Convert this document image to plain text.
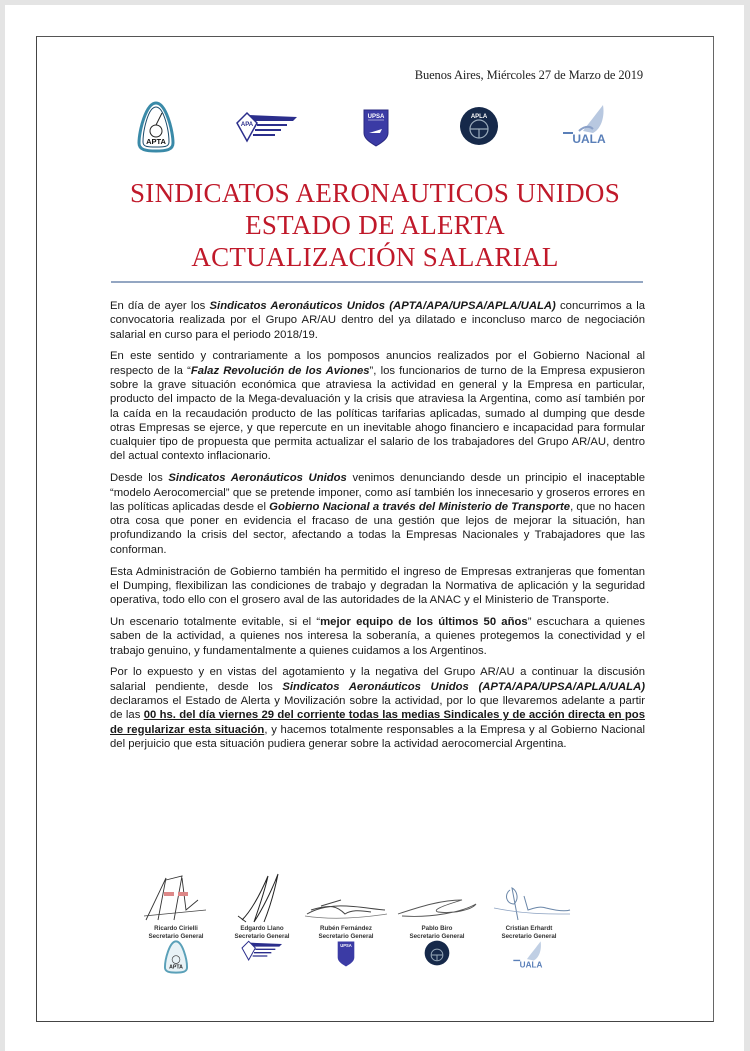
Buenos Aires, Miércoles 27 de Marzo de 2019
APTA
APA
UPSA	APLA
UALA
SINDICATOS AERONAUTICOS UNIDOS
ESTADO DE ALERTA
ACTUALIZACIÓN SALARIAL

En día de ayer los Sindicatos Aeronáuticos Unidos (APTA/APA/UPSA/APLA/UALA) concurrimos a la convocatoria realizada por el Grupo AR/AU dentro del ya dilatado e inconcluso marco de negociación salarial en curso para el periodo 2018/19.

En este sentido y contrariamente a los pomposos anuncios realizados por el Gobierno Nacional al respecto de la “Falaz Revolución de los Aviones”, los funcionarios de turno de la Empresa expusieron sobre la grave situación económica que atraviesa la actividad en general y la Empresa en particular, producto del impacto de la Mega-devaluación y la crisis que atraviesa la Argentina, como así también por la caída en la recaudación producto de las políticas tarifarias aplicadas, sumado al dumping que desde otras Empresas se ejerce, y que repercute en un inevitable ahogo financiero e incapacidad para formular cualquier tipo de propuesta que permita actualizar el salario de los trabajadores del Grupo AR/AU, dentro del actual contexto inflacionario.

Desde los Sindicatos Aeronáuticos Unidos venimos denunciando desde un principio el inaceptable “modelo Aerocomercial” que se pretende imponer, como así también los innecesario y groseros errores en las políticas aplicadas desde el Gobierno Nacional a través del Ministerio de Transporte, que no hacen otra cosa que poner en evidencia el fracaso de una gestión que lejos de mejorar la situación, han profundizando la crisis del sector, afectando a todas la Empresas Nacionales y Trabajadores que las conforman.

Esta Administración de Gobierno también ha permitido el ingreso de Empresas extranjeras que fomentan el Dumping, flexibilizan las condiciones de trabajo y degradan la Normativa de aplicación y la seguridad operativa, todo ello con el grosero aval de las autoridades de la ANAC y el Ministerio de Transporte.

Un escenario totalmente evitable, si el “mejor equipo de los últimos 50 años” escuchara a quienes saben de la actividad, a quienes nos interesa la soberanía, a quienes protegemos la conectividad y el trabajo genuino, y fundamentalmente a quienes cuidamos a los Argentinos.

Por lo expuesto y en vistas del agotamiento y la negativa del Grupo AR/AU a continuar la discusión salarial pendiente, desde los Sindicatos Aeronáuticos Unidos (APTA/APA/UPSA/APLA/UALA) declaramos el Estado de Alerta y Movilización sobre la actividad, por lo que llevaremos adelante a partir de las 00 hs. del día viernes 29 del corriente todas las medias Sindicales y de acción directa en pos de regularizar esta situación, y hacemos totalmente responsables a la Empresa y al Gobierno Nacional del perjuicio que esta situación pudiera generar sobre la actividad aerocomercial Argentina.

Ricardo Cirielli
Secretario General
APTA
Edgardo Llano
Secretario General
Rubén Fernández
Secretario General
UPSA
Pablo Biro
Secretario General
Cristian Erhardt
Secretario General
UALA
